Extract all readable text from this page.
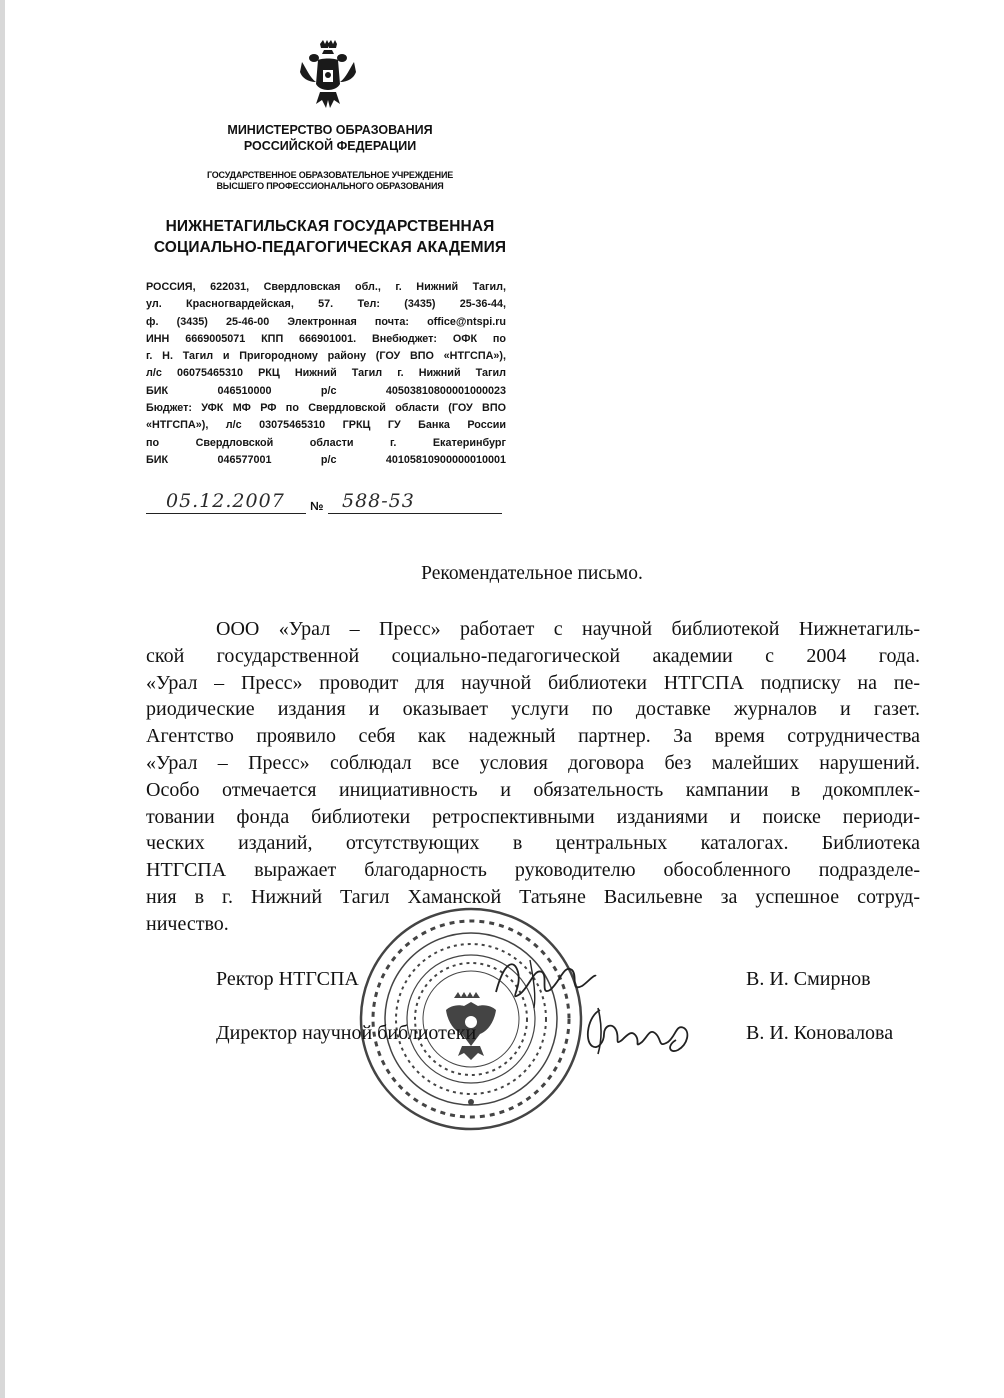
МИНИСТЕРСТВО ОБРАЗОВАНИЯ
РОССИЙСКОЙ ФЕДЕРАЦИИ
ГОСУДАРСТВЕННОЕ ОБРАЗОВАТЕЛЬНОЕ УЧРЕЖДЕНИЕ
ВЫСШЕГО ПРОФЕССИОНАЛЬНОГО ОБРАЗОВАНИЯ
НИЖНЕТАГИЛЬСКАЯ ГОСУДАРСТВЕННАЯ
СОЦИАЛЬНО-ПЕДАГОГИЧЕСКАЯ АКАДЕМИЯ
РОССИЯ, 622031, Свердловская обл., г. Нижний Тагил,
ул. Красногвардейская, 57. Тел: (3435) 25-36-44,
ф. (3435) 25-46-00 Электронная почта: office@ntspi.ru
ИНН 6669005071 КПП 666901001. Внебюджет: ОФК по
г. Н. Тагил и Пригородному району (ГОУ ВПО «НТГСПА»),
л/с 06075465310 РКЦ Нижний Тагил г. Нижний Тагил
БИК 046510000 р/с 40503810800001000023
Бюджет: УФК МФ РФ по Свердловской области (ГОУ ВПО
«НТГСПА»), л/с 03075465310 ГРКЦ ГУ Банка России
по Свердловской области г. Екатеринбург
БИК 046577001 р/с 40105810900000010001
05.12.2007 № 588-53
Рекомендательное письмо.
ООО «Урал – Пресс» работает с научной библиотекой Нижнетагиль-
ской государственной социально-педагогической академии с 2004 года.
«Урал – Пресс» проводит для научной библиотеки НТГСПА подписку на пе-
риодические издания и оказывает услуги по доставке журналов и газет.
Агентство проявило себя как надежный партнер. За время сотрудничества
«Урал – Пресс» соблюдал все условия договора без малейших нарушений.
Особо отмечается инициативность и обязательность кампании в докомплек-
товании фонда библиотеки ретроспективными изданиями и поиске периоди-
ческих изданий, отсутствующих в центральных каталогах. Библиотека
НТГСПА выражает благодарность руководителю обособленного подразделе-
ния в г. Нижний Тагил Хаманской Татьяне Васильевне за успешное сотруд-
ничество.
Ректор НТГСПА	В. И. Смирнов
Директор научной библиотеки	В. И. Коновалова
